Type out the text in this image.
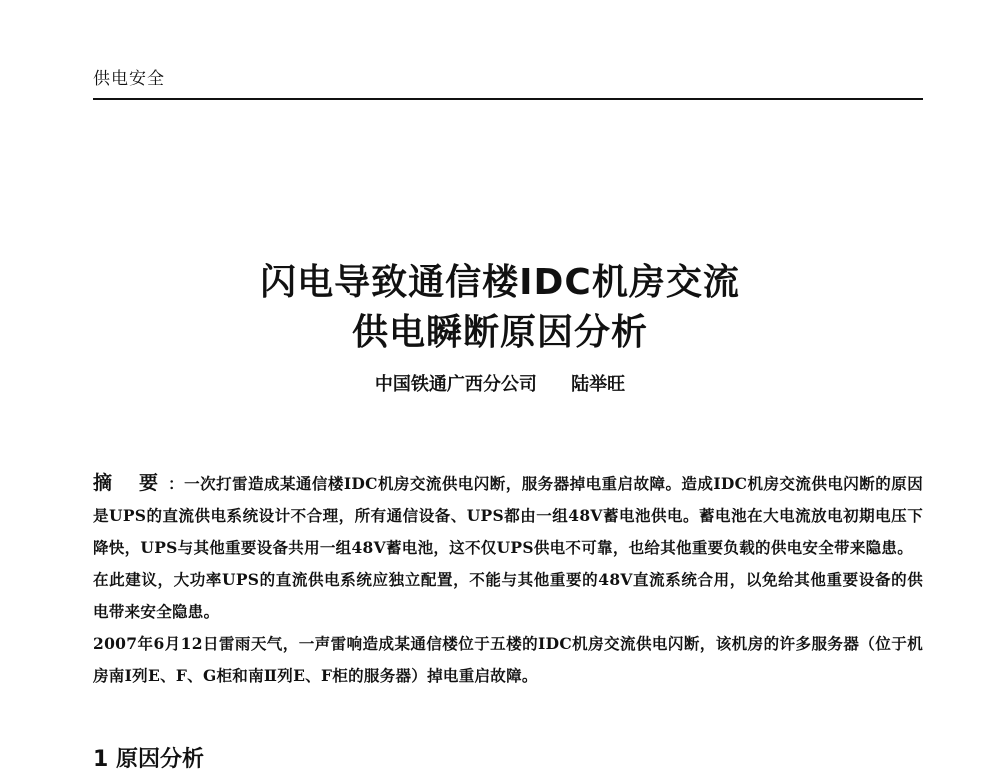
供电安全
闪电导致通信楼IDC机房交流
供电瞬断原因分析
中国铁通广西分公司 陆举旺

摘 要：一次打雷造成某通信楼IDC机房交流供电闪断，服务器掉电重启故障。造成IDC机房交流供电闪断的原因是UPS的直流供电系统设计不合理，所有通信设备、UPS都由一组48V蓄电池供电。蓄电池在大电流放电初期电压下降快，UPS与其他重要设备共用一组48V蓄电池，这不仅UPS供电不可靠，也给其他重要负载的供电安全带来隐患。

在此建议，大功率UPS的直流供电系统应独立配置，不能与其他重要的48V直流系统合用，以免给其他重要设备的供电带来安全隐患。

2007年6月12日雷雨天气，一声雷响造成某通信楼位于五楼的IDC机房交流供电闪断，该机房的许多服务器（位于机房南Ⅰ列E、F、G柜和南Ⅱ列E、F柜的服务器）掉电重启故障。

1 原因分析
